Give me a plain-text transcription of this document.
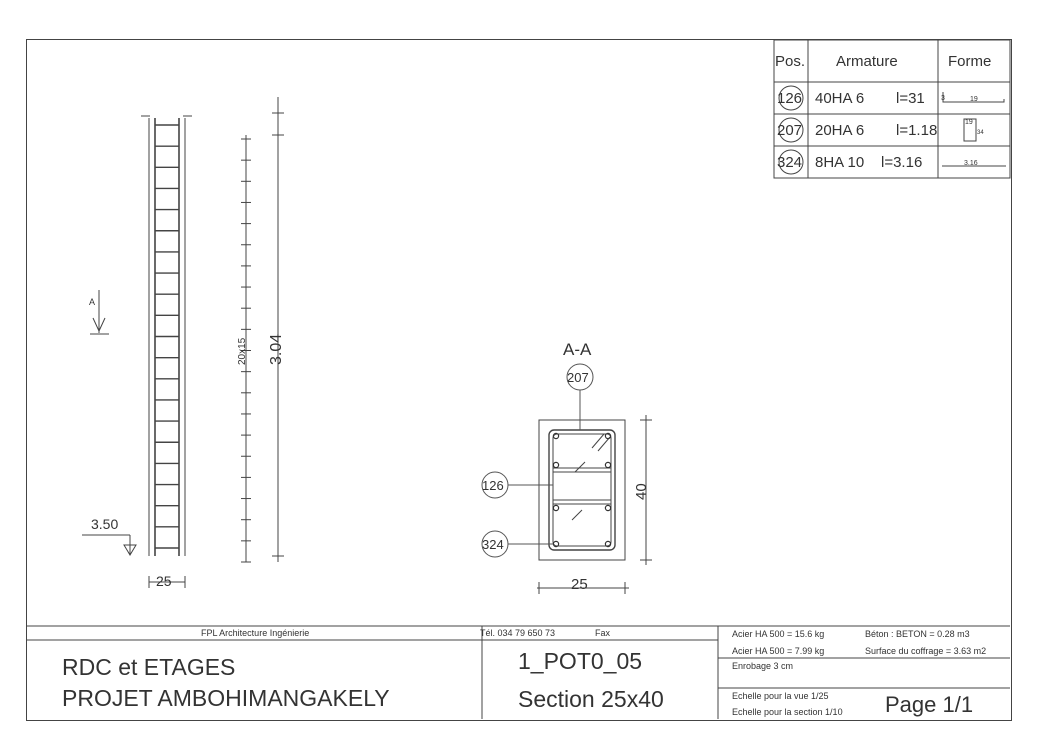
25
20x15 3.04
A
3.50
A-A
25
40
207
126
324
Pos. Armature	Forme
126 40HA 6 l=31 3	19
207 20HA 6 l=1.18	19
34
324 8HA 10 l=3.16	3.16
FPL Architecture Ingénierie	Tél. 034 79 650 73	Fax
RDC et ETAGES
PROJET AMBOHIMANGAKELY
1_POT0_05
Section 25x40
Acier HA 500 = 15.6 kg	Béton : BETON = 0.28 m3
Acier HA 500 = 7.99 kg	Surface du coffrage = 3.63 m2
Enrobage 3 cm
Echelle pour la vue 1/25
Echelle pour la section 1/10 Page 1/1
